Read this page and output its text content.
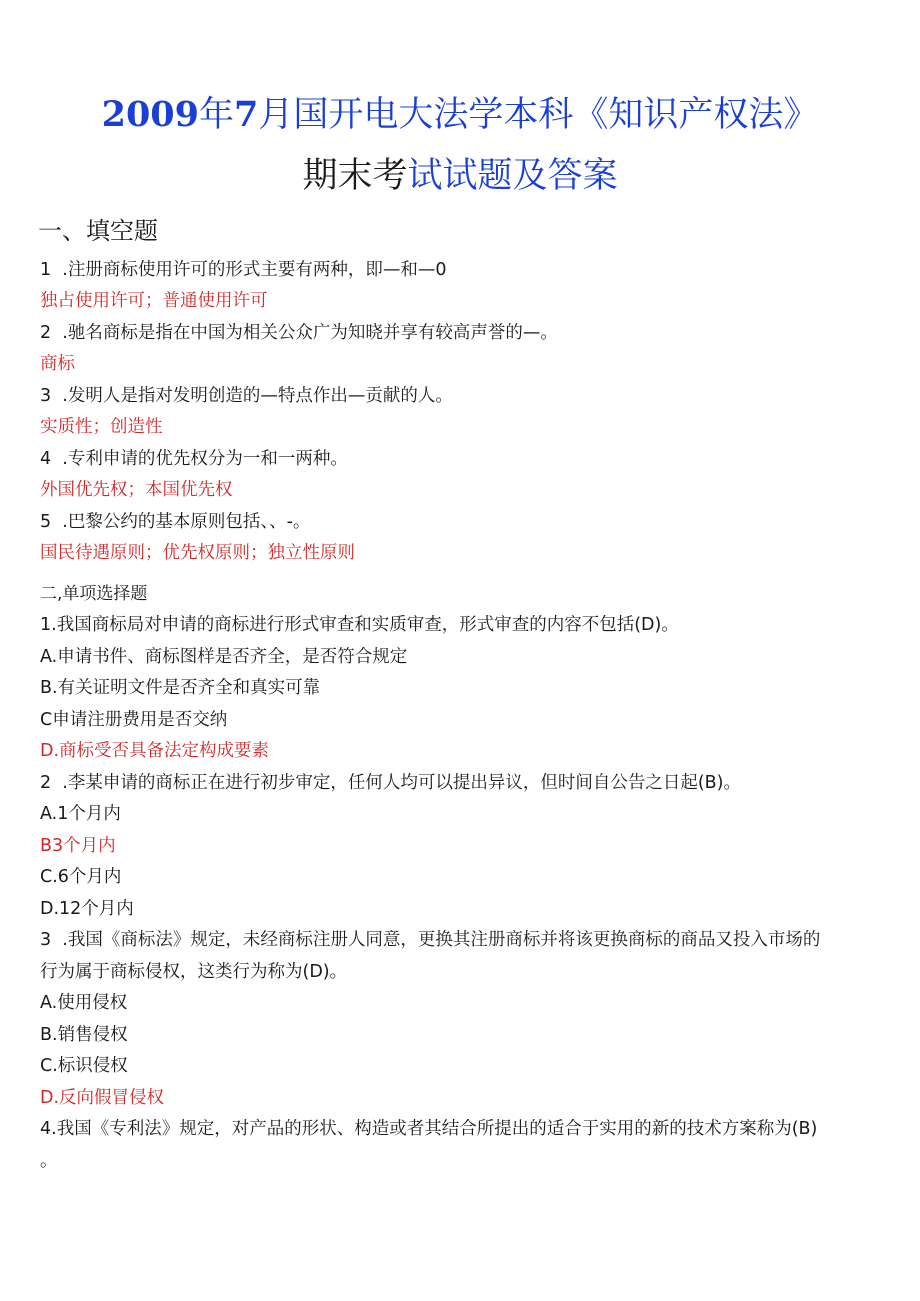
2009年7月国开电大法学本科《知识产权法》
期末考试试题及答案
一、填空题
1  .注册商标使用许可的形式主要有两种，即—和—0
独占使用许可；普通使用许可
2  .驰名商标是指在中国为相关公众广为知晓并享有较高声誉的—。
商标
3  .发明人是指对发明创造的—特点作出—贡献的人。
实质性；创造性
4  .专利申请的优先权分为一和一两种。
外国优先权；本国优先权
5  .巴黎公约的基本原则包括、、-。
国民待遇原则；优先权原则；独立性原则
二,单项选择题
1.我国商标局对申请的商标进行形式审查和实质审查，形式审查的内容不包括(D)。
A.申请书件、商标图样是否齐全，是否符合规定
B.有关证明文件是否齐全和真实可靠
C申请注册费用是否交纳
D.商标受否具备法定构成要素
2  .李某申请的商标正在进行初步审定，任何人均可以提出异议，但时间自公告之日起(B)。
A.1个月内
B3个月内
C.6个月内
D.12个月内
3  .我国《商标法》规定，未经商标注册人同意，更换其注册商标并将该更换商标的商品又投入市场的
行为属于商标侵权，这类行为称为(D)。
A.使用侵权
B.销售侵权
C.标识侵权
D.反向假冒侵权
4.我国《专利法》规定，对产品的形状、构造或者其结合所提出的适合于实用的新的技术方案称为(B)
。
